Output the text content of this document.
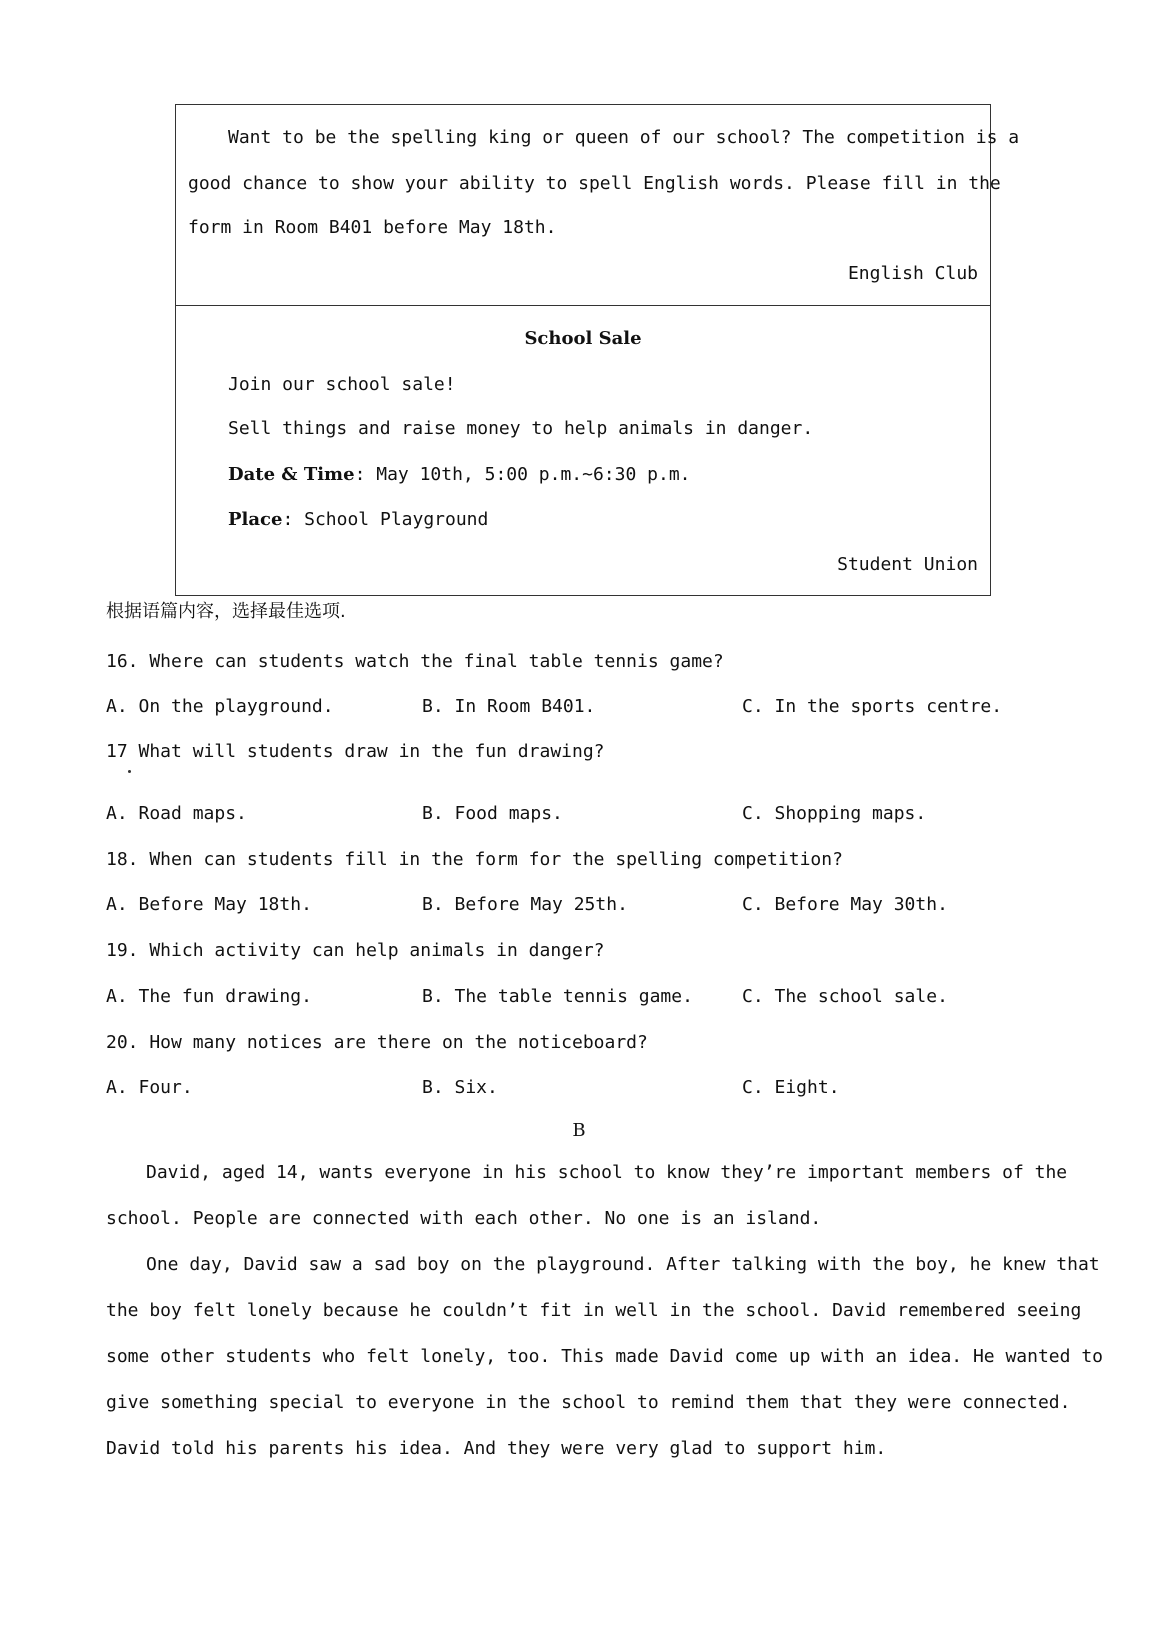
Want to be the spelling king or queen of our school? The competition is a
good chance to show your ability to spell English words. Please fill in the
form in Room B401 before May 18th.
English Club
School Sale
Join our school sale!
Sell things and raise money to help animals in danger.
Date & Time: May 10th, 5:00 p.m.~6:30 p.m.
Place: School Playground
Student Union
根据语篇内容，选择最佳选项.
16. Where can students watch the final table tennis game?
A. On the playground.	B. In Room B401.	C. In the sports centre.
17 What will students draw in the fun drawing?
A. Road maps.	B. Food maps.	C. Shopping maps.
18. When can students fill in the form for the spelling competition?
A. Before May 18th.	B. Before May 25th.	C. Before May 30th.
19. Which activity can help animals in danger?
A. The fun drawing.	B. The table tennis game.	C. The school sale.
20. How many notices are there on the noticeboard?
A. Four.	B. Six.	C. Eight.
B
David, aged 14, wants everyone in his school to know they’re important members of the
school. People are connected with each other. No one is an island.
One day, David saw a sad boy on the playground. After talking with the boy, he knew that
the boy felt lonely because he couldn’t fit in well in the school. David remembered seeing
some other students who felt lonely, too. This made David come up with an idea. He wanted to
give something special to everyone in the school to remind them that they were connected.
David told his parents his idea. And they were very glad to support him.
